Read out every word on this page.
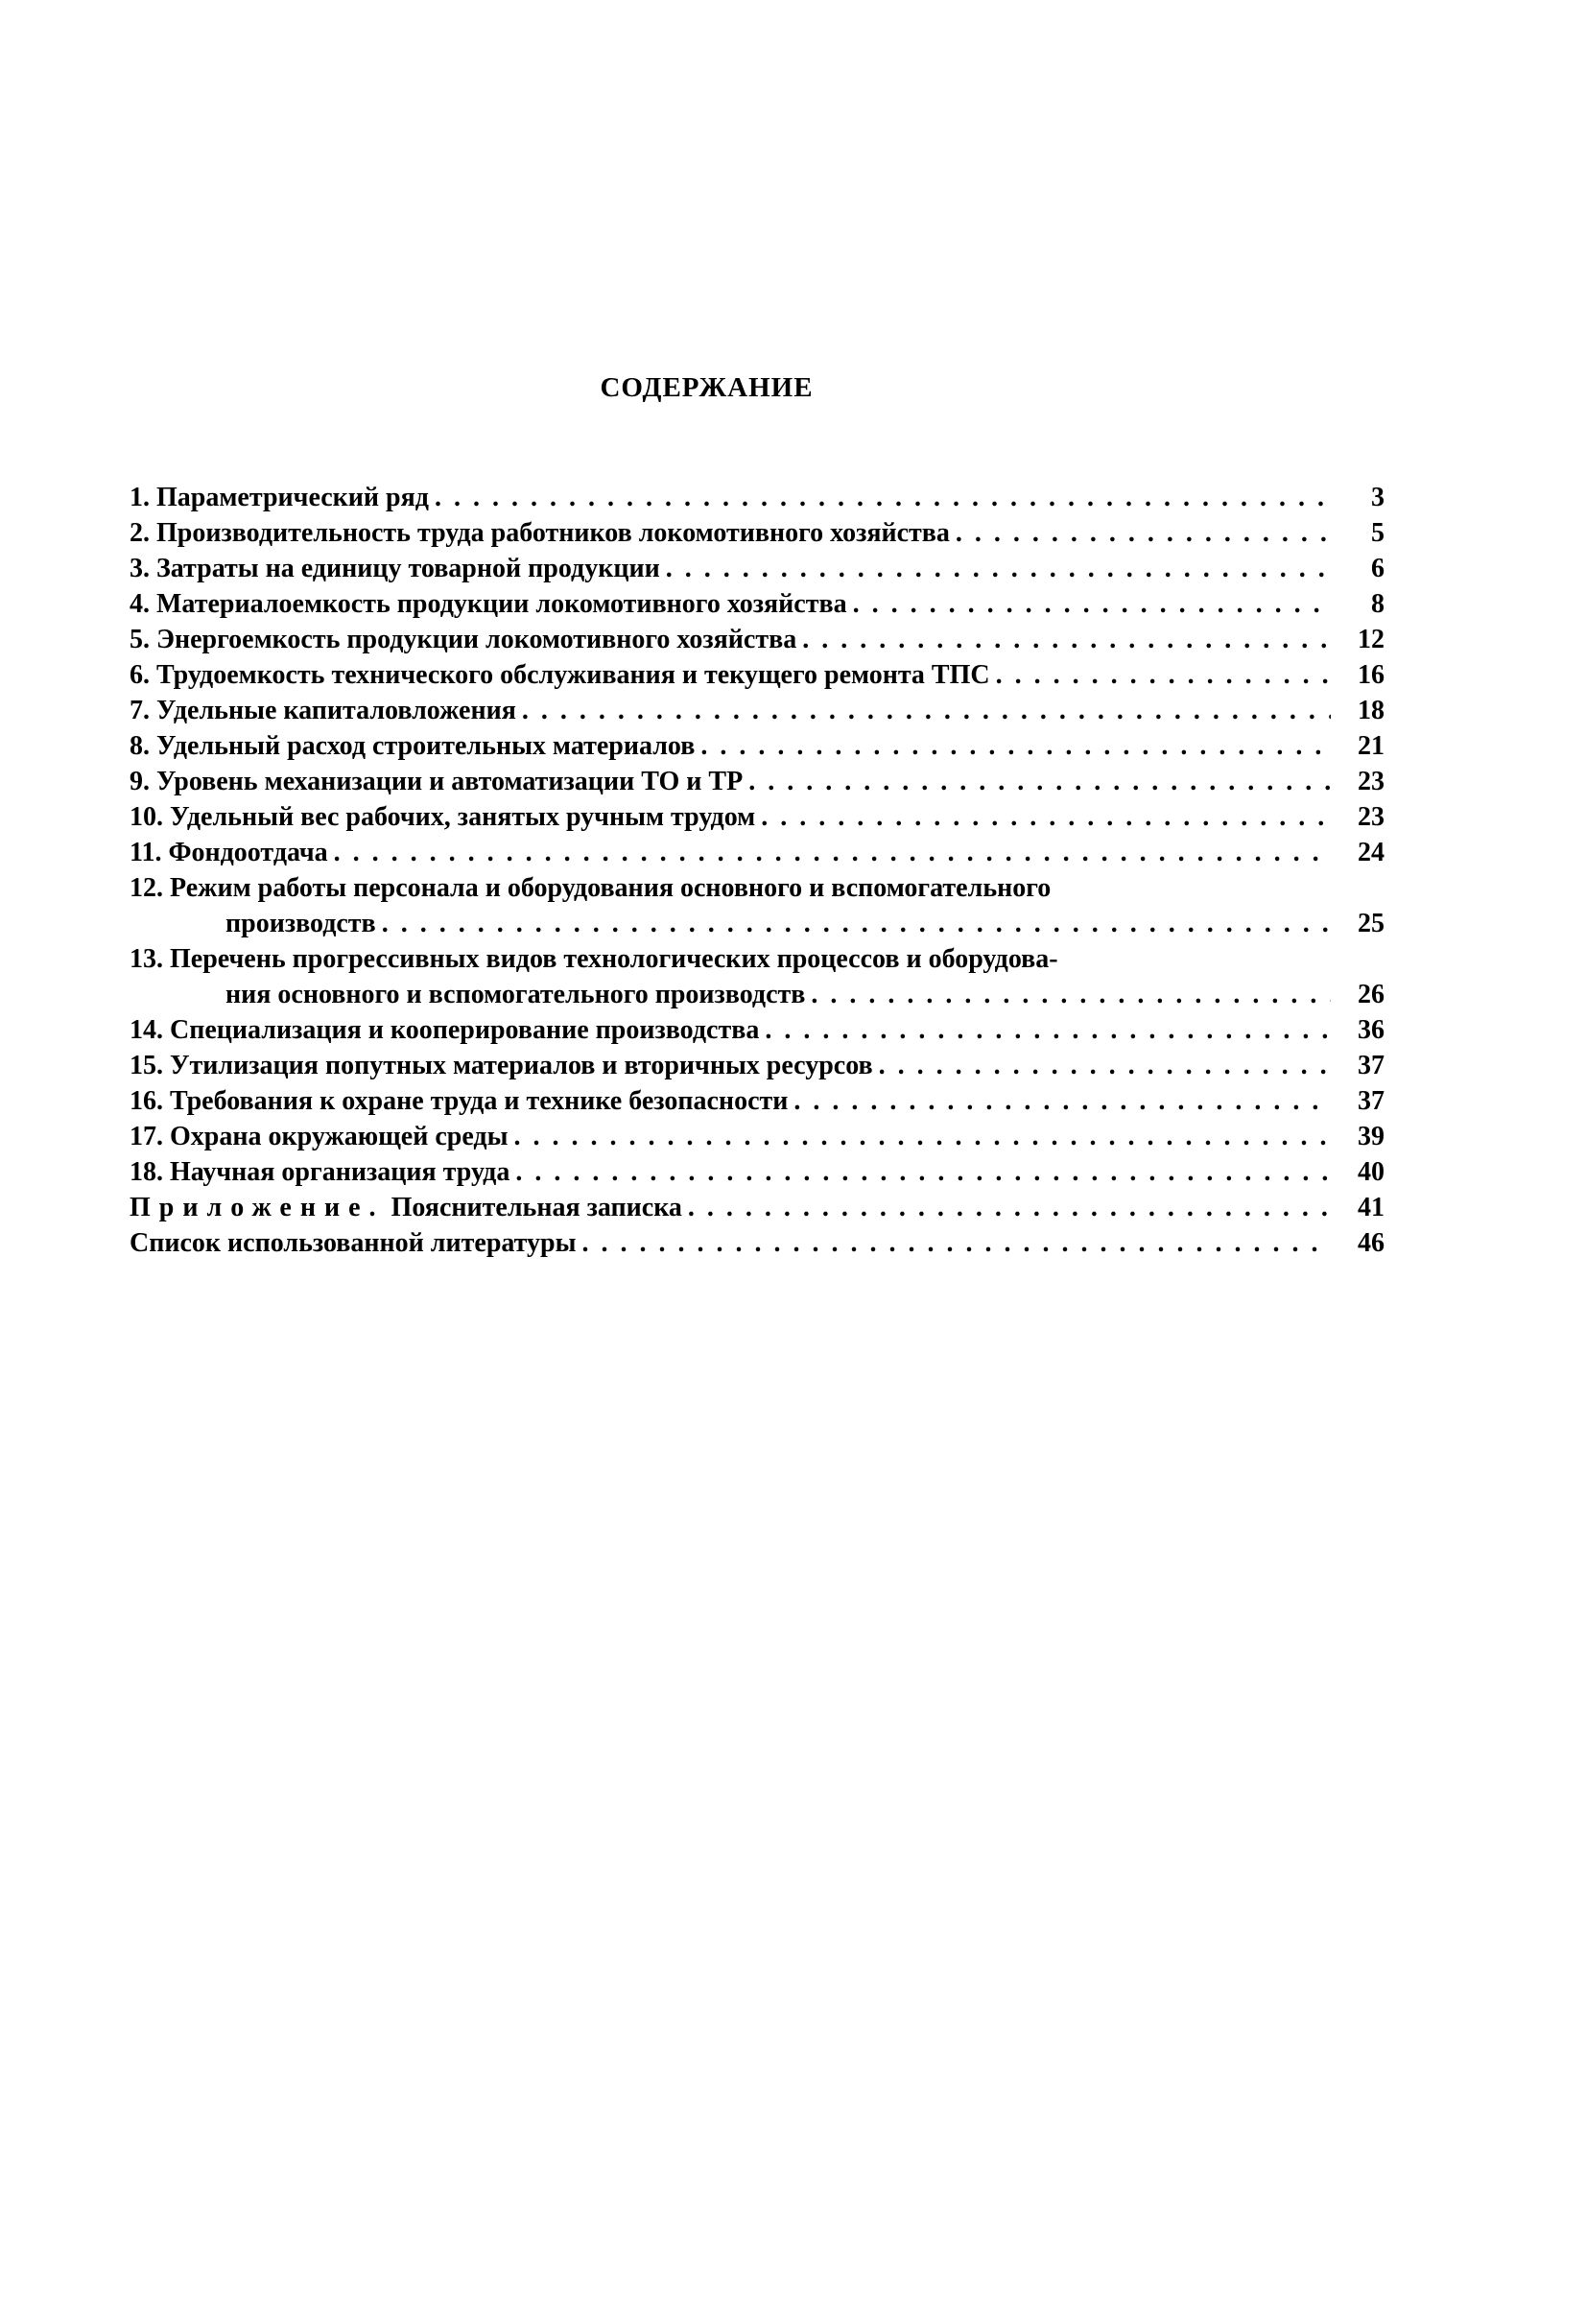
СОДЕРЖАНИЕ
1. Параметрический ряд . . .	3
2. Производительность труда работников локомотивного хозяйства . . .	5
3. Затраты на единицу товарной продукции . . .	6
4. Материалоемкость продукции локомотивного хозяйства . . .	8
5. Энергоемкость продукции локомотивного хозяйства . . .	12
6. Трудоемкость технического обслуживания и текущего ремонта ТПС . . .	16
7. Удельные капиталовложения . . .	18
8. Удельный расход строительных материалов . . .	21
9. Уровень механизации и автоматизации ТО и ТР . . .	23
10. Удельный вес рабочих, занятых ручным трудом . . .	23
11. Фондоотдача . . .	24
12. Режим работы персонала и оборудования основного и вспомогательного
производств . . .	25
13. Перечень прогрессивных видов технологических процессов и оборудова-
ния основного и вспомогательного производств . . .	26
14. Специализация и кооперирование производства . . .	36
15. Утилизация попутных материалов и вторичных ресурсов . . .	37
16. Требования к охране труда и технике безопасности . . .	37
17. Охрана окружающей среды . . .	39
18. Научная организация труда . . .	40
Приложение. Пояснительная записка . . .	41
Список использованной литературы . . .	46
